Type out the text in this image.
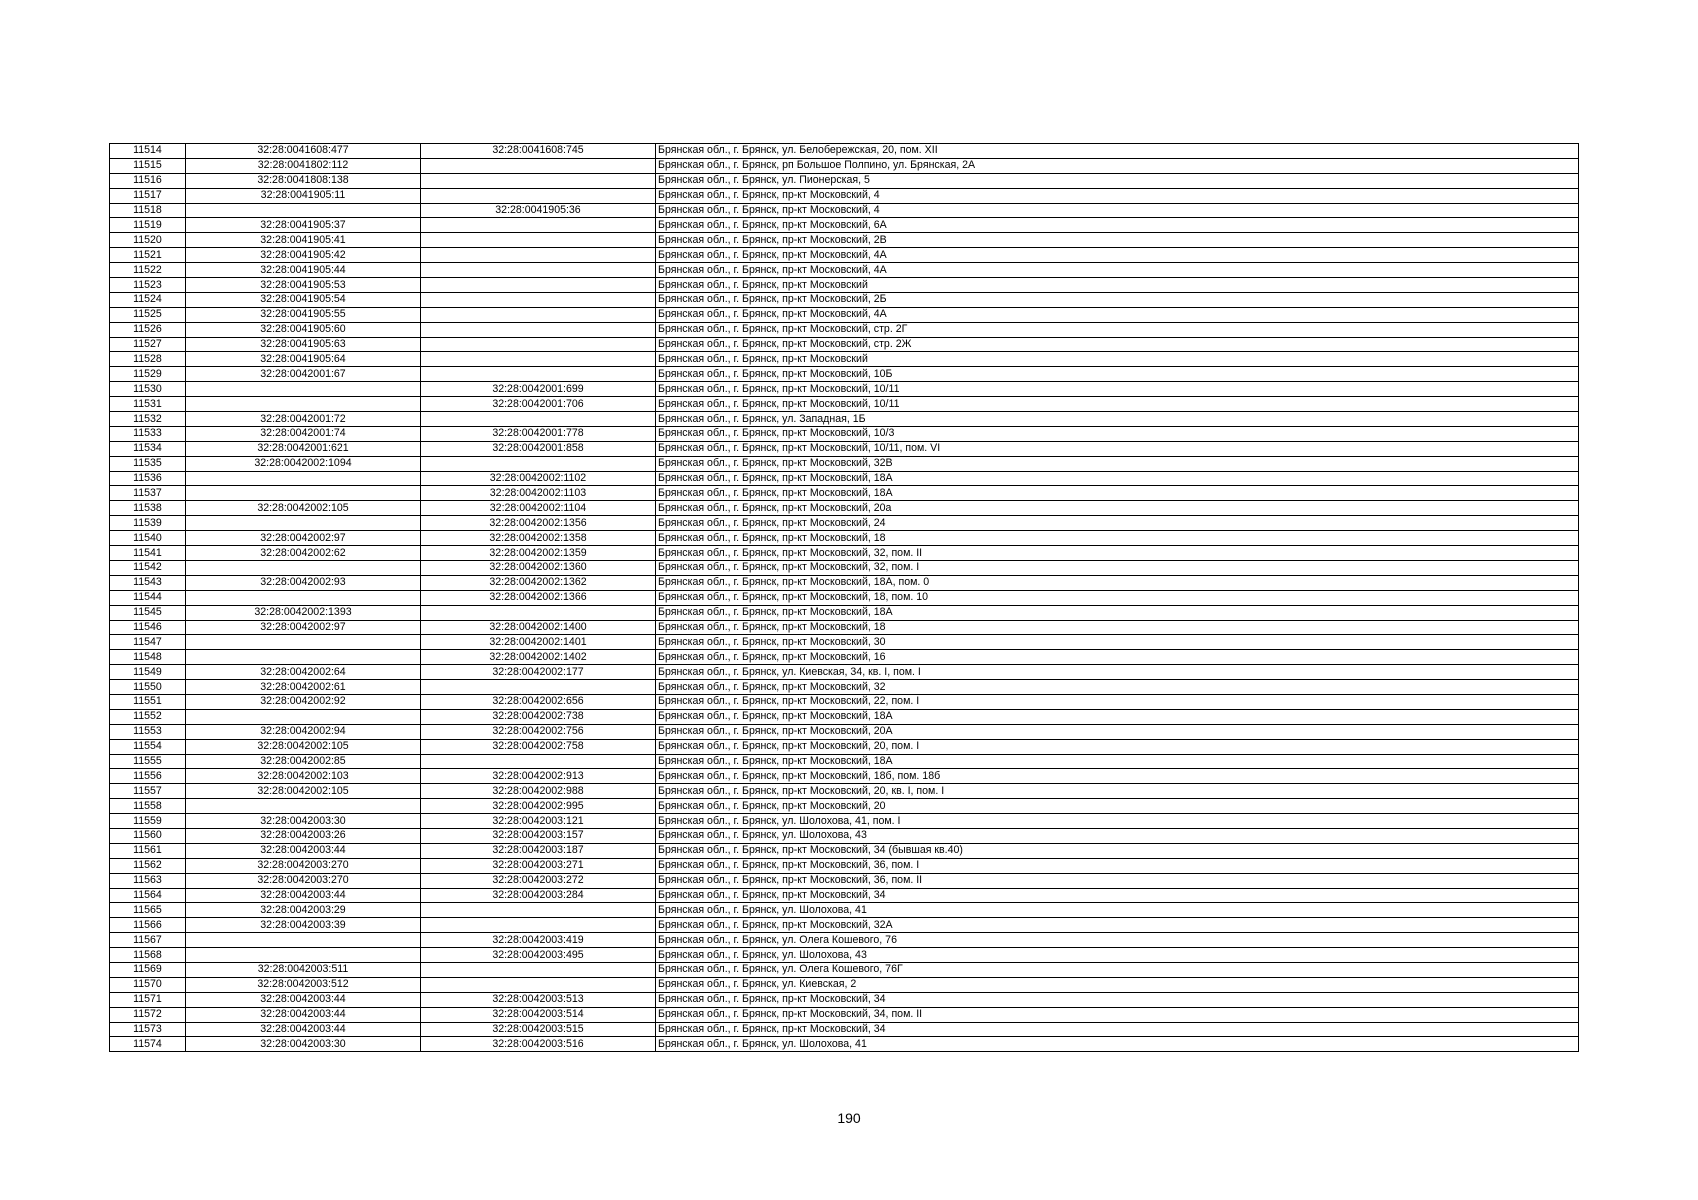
11514	32:28:0041608:477	32:28:0041608:745	Брянская обл., г. Брянск, ул. Белобережская, 20, пом. XII
11515	32:28:0041802:112		Брянская обл., г. Брянск, рп Большое Полпино, ул. Брянская, 2А
11516	32:28:0041808:138		Брянская обл., г. Брянск, ул. Пионерская, 5
11517	32:28:0041905:11		Брянская обл., г. Брянск, пр-кт Московский, 4
11518		32:28:0041905:36	Брянская обл., г. Брянск, пр-кт Московский, 4
11519	32:28:0041905:37		Брянская обл., г. Брянск, пр-кт Московский, 6А
11520	32:28:0041905:41		Брянская обл., г. Брянск, пр-кт Московский, 2В
11521	32:28:0041905:42		Брянская обл., г. Брянск, пр-кт Московский, 4А
11522	32:28:0041905:44		Брянская обл., г. Брянск, пр-кт Московский, 4А
11523	32:28:0041905:53		Брянская обл., г. Брянск, пр-кт Московский
11524	32:28:0041905:54		Брянская обл., г. Брянск, пр-кт Московский, 2Б
11525	32:28:0041905:55		Брянская обл., г. Брянск, пр-кт Московский, 4А
11526	32:28:0041905:60		Брянская обл., г. Брянск, пр-кт Московский, стр. 2Г
11527	32:28:0041905:63		Брянская обл., г. Брянск, пр-кт Московский, стр. 2Ж
11528	32:28:0041905:64		Брянская обл., г. Брянск, пр-кт Московский
11529	32:28:0042001:67		Брянская обл., г. Брянск, пр-кт Московский, 10Б
11530		32:28:0042001:699	Брянская обл., г. Брянск, пр-кт Московский, 10/11
11531		32:28:0042001:706	Брянская обл., г. Брянск, пр-кт Московский, 10/11
11532	32:28:0042001:72		Брянская обл., г. Брянск, ул. Западная, 1Б
11533	32:28:0042001:74	32:28:0042001:778	Брянская обл., г. Брянск, пр-кт Московский, 10/3
11534	32:28:0042001:621	32:28:0042001:858	Брянская обл., г. Брянск, пр-кт Московский, 10/11, пом. VI
11535	32:28:0042002:1094		Брянская обл., г. Брянск, пр-кт Московский, 32В
11536		32:28:0042002:1102	Брянская обл., г. Брянск, пр-кт Московский, 18А
11537		32:28:0042002:1103	Брянская обл., г. Брянск, пр-кт Московский, 18А
11538	32:28:0042002:105	32:28:0042002:1104	Брянская обл., г. Брянск, пр-кт Московский, 20а
11539		32:28:0042002:1356	Брянская обл., г. Брянск, пр-кт Московский, 24
11540	32:28:0042002:97	32:28:0042002:1358	Брянская обл., г. Брянск, пр-кт Московский, 18
11541	32:28:0042002:62	32:28:0042002:1359	Брянская обл., г. Брянск, пр-кт Московский, 32, пом. II
11542		32:28:0042002:1360	Брянская обл., г. Брянск, пр-кт Московский, 32, пом. I
11543	32:28:0042002:93	32:28:0042002:1362	Брянская обл., г. Брянск, пр-кт Московский, 18А, пом. 0
11544		32:28:0042002:1366	Брянская обл., г. Брянск, пр-кт Московский, 18, пом. 10
11545	32:28:0042002:1393		Брянская обл., г. Брянск, пр-кт Московский, 18А
11546	32:28:0042002:97	32:28:0042002:1400	Брянская обл., г. Брянск, пр-кт Московский, 18
11547		32:28:0042002:1401	Брянская обл., г. Брянск, пр-кт Московский, 30
11548		32:28:0042002:1402	Брянская обл., г. Брянск, пр-кт Московский, 16
11549	32:28:0042002:64	32:28:0042002:177	Брянская обл., г. Брянск, ул. Киевская, 34, кв. I, пом. I
11550	32:28:0042002:61		Брянская обл., г. Брянск, пр-кт Московский, 32
11551	32:28:0042002:92	32:28:0042002:656	Брянская обл., г. Брянск, пр-кт Московский, 22, пом. I
11552		32:28:0042002:738	Брянская обл., г. Брянск, пр-кт Московский, 18А
11553	32:28:0042002:94	32:28:0042002:756	Брянская обл., г. Брянск, пр-кт Московский, 20А
11554	32:28:0042002:105	32:28:0042002:758	Брянская обл., г. Брянск, пр-кт Московский, 20, пом. I
11555	32:28:0042002:85		Брянская обл., г. Брянск, пр-кт Московский, 18А
11556	32:28:0042002:103	32:28:0042002:913	Брянская обл., г. Брянск, пр-кт Московский, 18б, пом. 18б
11557	32:28:0042002:105	32:28:0042002:988	Брянская обл., г. Брянск, пр-кт Московский, 20, кв. I, пом. I
11558		32:28:0042002:995	Брянская обл., г. Брянск, пр-кт Московский, 20
11559	32:28:0042003:30	32:28:0042003:121	Брянская обл., г. Брянск, ул. Шолохова, 41, пом. I
11560	32:28:0042003:26	32:28:0042003:157	Брянская обл., г. Брянск, ул. Шолохова, 43
11561	32:28:0042003:44	32:28:0042003:187	Брянская обл., г. Брянск, пр-кт Московский, 34 (бывшая кв.40)
11562	32:28:0042003:270	32:28:0042003:271	Брянская обл., г. Брянск, пр-кт Московский, 36, пом. I
11563	32:28:0042003:270	32:28:0042003:272	Брянская обл., г. Брянск, пр-кт Московский, 36, пом. II
11564	32:28:0042003:44	32:28:0042003:284	Брянская обл., г. Брянск, пр-кт Московский, 34
11565	32:28:0042003:29		Брянская обл., г. Брянск, ул. Шолохова, 41
11566	32:28:0042003:39		Брянская обл., г. Брянск, пр-кт Московский, 32А
11567		32:28:0042003:419	Брянская обл., г. Брянск, ул. Олега Кошевого, 76
11568		32:28:0042003:495	Брянская обл., г. Брянск, ул. Шолохова, 43
11569	32:28:0042003:511		Брянская обл., г. Брянск, ул. Олега Кошевого, 76Г
11570	32:28:0042003:512		Брянская обл., г. Брянск, ул. Киевская, 2
11571	32:28:0042003:44	32:28:0042003:513	Брянская обл., г. Брянск, пр-кт Московский, 34
11572	32:28:0042003:44	32:28:0042003:514	Брянская обл., г. Брянск, пр-кт Московский, 34, пом. II
11573	32:28:0042003:44	32:28:0042003:515	Брянская обл., г. Брянск, пр-кт Московский, 34
11574	32:28:0042003:30	32:28:0042003:516	Брянская обл., г. Брянск, ул. Шолохова, 41
190
